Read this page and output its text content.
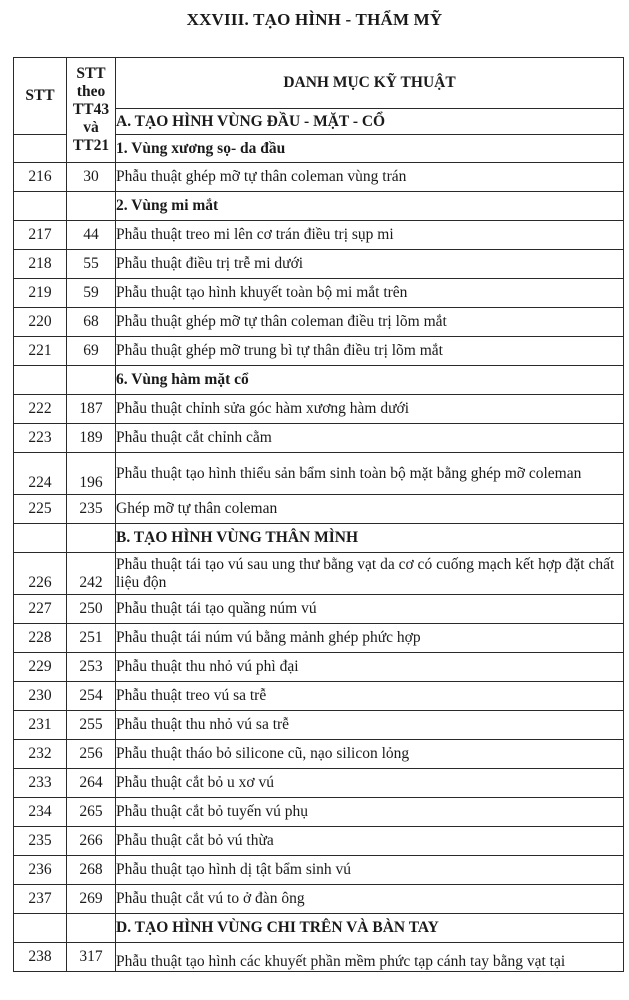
XXVIII. TẠO HÌNH - THẨM MỸ
STT	STT
theo
TT43
và
TT21	DANH MỤC KỸ THUẬT
		A. TẠO HÌNH VÙNG ĐẦU - MẶT - CỔ
		1. Vùng xương sọ- da đầu
216	30	Phẫu thuật ghép mỡ tự thân coleman vùng trán
		2. Vùng mi mắt
217	44	Phẫu thuật treo mi lên cơ trán điều trị sụp mi
218	55	Phẫu thuật điều trị trễ mi dưới
219	59	Phẫu thuật tạo hình khuyết toàn bộ mi mắt trên
220	68	Phẫu thuật ghép mỡ tự thân coleman điều trị lõm mắt
221	69	Phẫu thuật ghép mỡ trung bì tự thân điều trị lõm mắt
		6. Vùng hàm mặt cổ
222	187	Phẫu thuật chỉnh sửa góc hàm xương hàm dưới
223	189	Phẫu thuật cắt chỉnh cằm
224	196	Phẫu thuật tạo hình thiểu sản bẩm sinh toàn bộ mặt bằng ghép mỡ coleman
225	235	Ghép mỡ tự thân coleman
		B. TẠO HÌNH VÙNG THÂN MÌNH
226	242	Phẫu thuật tái tạo vú sau ung thư bằng vạt da cơ có cuống mạch kết hợp đặt chất liệu độn
227	250	Phẫu thuật tái tạo quầng núm vú
228	251	Phẫu thuật tái núm vú bằng mảnh ghép phức hợp
229	253	Phẫu thuật thu nhỏ vú phì đại
230	254	Phẫu thuật treo vú sa trễ
231	255	Phẫu thuật thu nhỏ vú sa trễ
232	256	Phẫu thuật tháo bỏ silicone cũ, nạo silicon lỏng
233	264	Phẫu thuật cắt bỏ u xơ vú
234	265	Phẫu thuật cắt bỏ tuyến vú phụ
235	266	Phẫu thuật cắt bỏ vú thừa
236	268	Phẫu thuật tạo hình dị tật bẩm sinh vú
237	269	Phẫu thuật cắt vú to ở đàn ông
		D. TẠO HÌNH VÙNG CHI TRÊN VÀ BÀN TAY
238	317	Phẫu thuật tạo hình các khuyết phần mềm phức tạp cánh tay bằng vạt tại
